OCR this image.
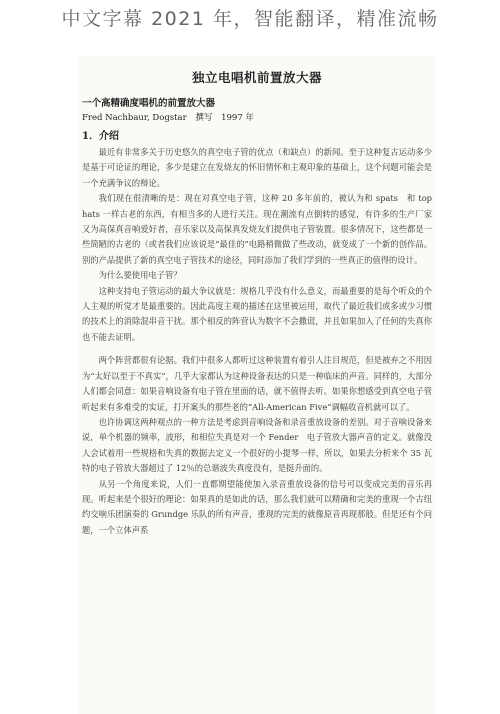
中文字幕 2021 年，智能翻译，精准流畅
独立电唱机前置放大器
一个高精确度唱机的前置放大器
Fred Nachbaur, Dogstar 撰写 1997 年
1．介绍

最近有非常多关于历史悠久的真空电子管的优点（和缺点）的新闻。至于这种复古运动多少是基于可论证的理论，多少是建立在发烧友的怀旧情怀和主观印象的基础上，这个问题可能会是一个充满争议的辩论。

我们现在很清晰的是：现在对真空电子管，这种 20 多年前的，被认为和 spats　和 top　hats 一样古老的东西，有相当多的人进行关注。现在潮流有点倒转的感觉，有许多的生产厂家又为高保真音响爱好者，音乐家以及高保真发烧友们提供电子管装置。很多情况下，这些都是一些简陋的古老的（或者我们应该说是“最佳的”电路稍微做了些改动，就变成了一个新的创作品。别的产品提供了新的真空电子管技术的途径，同时添加了我们学到的一些真正的值得的设计。

为什么要使用电子管？

这种支持电子管运动的最大争议就是：规格几乎没有什么意义，而最重要的是每个听众的个人主观的听觉才是最重要的。因此高度主观的描述在这里被运用，取代了最近我们或多或少习惯的技术上的消除混串音干扰。那个相反的阵营认为数字不会撒谎，并且如果加入了任何的失真你也不能去证明。

两个阵营都很有论据。我们中很多人都听过这种装置有着引人注目规范，但是被弃之不用因为“太好以至于不真实”，几乎大家都认为这种设备表达的只是一种临床的声音。同样的，大部分人们都会同意：如果音响设备有电子管在里面的话，就不值得去听。如果你想感受到真空电子管听起来有多难受的实证，打开案头的那些老的“All-American Five”调幅收音机就可以了。

也许协调这两种观点的一种方法是考虑到音响设备和录音重放设备的差别。对于音响设备来说，单个机器的频率，波形，和相位失真是对一个 Fender　电子管放大器声音的定义。就像没人会试着用一些规格和失真的数据去定义一个很好的小提琴一样，所以，如果去分析来个 35 瓦特的电子管放大器超过了 12％的总谐波失真度没有，是挺升面的。

从另一个角度来说，人们一直都期望能使加入录音重放设备的信号可以变成完美的音乐再现。听起来是个很好的理论：如果真的是如此的话，那么我们就可以精确和完美的重现一个古纽约交响乐团演奏的 Grundge 乐队的所有声音，重现的完美的就像原音再现那般。但是还有个问题，一个立体声系
